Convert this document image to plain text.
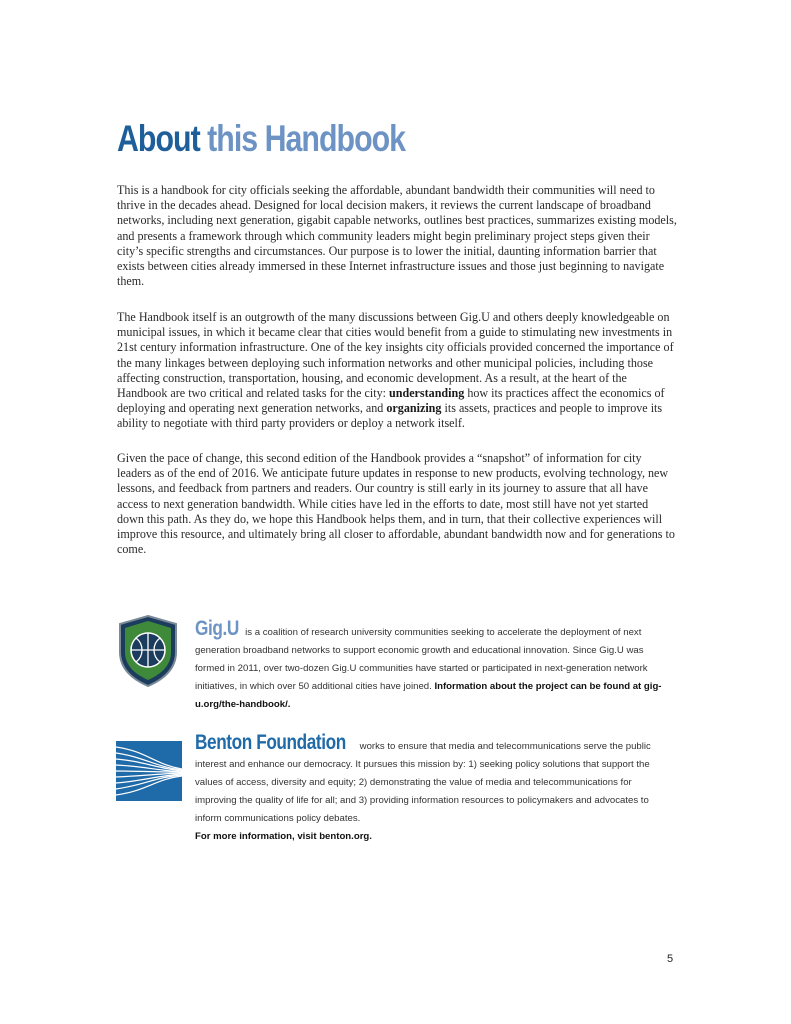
About this Handbook

This is a handbook for city officials seeking the affordable, abundant bandwidth their communities will need to thrive in the decades ahead. Designed for local decision makers, it reviews the current landscape of broadband networks, including next generation, gigabit capable networks, outlines best practices, summarizes existing models, and presents a framework through which community leaders might begin preliminary project steps given their city’s specific strengths and circumstances. Our purpose is to lower the initial, daunting information barrier that exists between cities already immersed in these Internet infrastructure issues and those just beginning to navigate them.

The Handbook itself is an outgrowth of the many discussions between Gig.U and others deeply knowledgeable on municipal issues, in which it became clear that cities would benefit from a guide to stimulating new investments in 21st century information infrastructure. One of the key insights city officials provided concerned the importance of the many linkages between deploying such information networks and other municipal policies, including those affecting construction, transportation, housing, and economic development. As a result, at the heart of the Handbook are two critical and related tasks for the city: understanding how its practices affect the economics of deploying and operating next generation networks, and organizing its assets, practices and people to improve its ability to negotiate with third party providers or deploy a network itself.

Given the pace of change, this second edition of the Handbook provides a “snapshot” of information for city leaders as of the end of 2016. We anticipate future updates in response to new products, evolving technology, new lessons, and feedback from partners and readers. Our country is still early in its journey to assure that all have access to next generation bandwidth. While cities have led in the efforts to date, most still have not yet started down this path. As they do, we hope this Handbook helps them, and in turn, that their collective experiences will improve this resource, and ultimately bring all closer to affordable, abundant bandwidth now and for generations to come.

Gig.U is a coalition of research university communities seeking to accelerate the deployment of next generation broadband networks to support economic growth and educational innovation. Since Gig.U was formed in 2011, over two-dozen Gig.U communities have started or participated in next-generation network initiatives, in which over 50 additional cities have joined. Information about the project can be found at gig-u.org/the-handbook/.
Benton Foundation works to ensure that media and telecommunications serve the public interest and enhance our democracy. It pursues this mission by: 1) seeking policy solutions that support the values of access, diversity and equity; 2) demonstrating the value of media and telecommunications for improving the quality of life for all; and 3) providing information resources to policymakers and advocates to inform communications policy debates.
For more information, visit benton.org.
5
